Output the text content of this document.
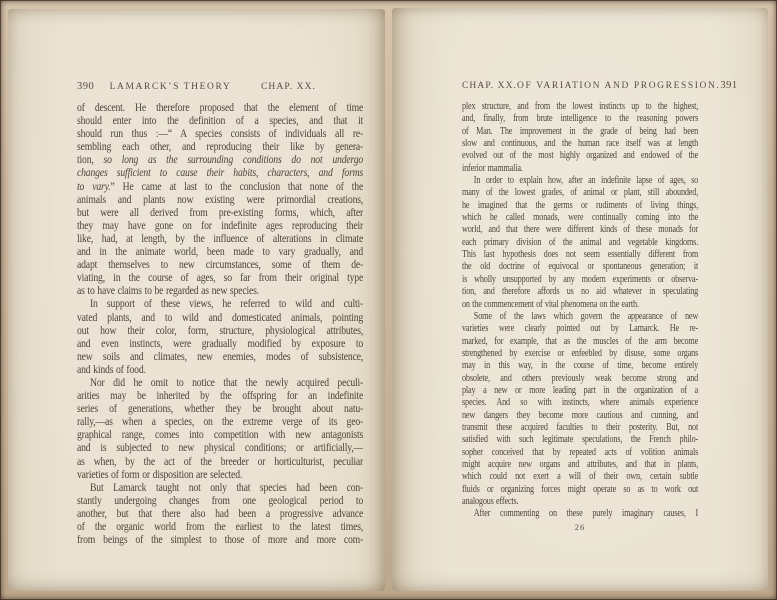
390	LAMARCK’S THEORY	CHAP. XX.
of descent. He therefore proposed that the element of time
should enter into the definition of a species, and that it
should run thus :—“ A species consists of individuals all re-
sembling each other, and reproducing their like by genera-
tion, so long as the surrounding conditions do not undergo
changes sufficient to cause their habits, characters, and forms
to vary.” He came at last to the conclusion that none of the
animals and plants now existing were primordial creations,
but were all derived from pre-existing forms, which, after
they may have gone on for indefinite ages reproducing their
like, had, at length, by the influence of alterations in climate
and in the animate world, been made to vary gradually, and
adapt themselves to new circumstances, some of them de-
viating, in the course of ages, so far from their original type
as to have claims to be regarded as new species.
In support of these views, he referred to wild and culti-
vated plants, and to wild and domesticated animals, pointing
out how their color, form, structure, physiological attributes,
and even instincts, were gradually modified by exposure to
new soils and climates, new enemies, modes of subsistence,
and kinds of food.
Nor did he omit to notice that the newly acquired peculi-
arities may be inherited by the offspring for an indefinite
series of generations, whether they be brought about natu-
rally,—as when a species, on the extreme verge of its geo-
graphical range, comes into competition with new antagonists
and is subjected to new physical conditions; or artificially,—
as when, by the act of the breeder or horticulturist, peculiar
varieties of form or disposition are selected.
But Lamarck taught not only that species had been con-
stantly undergoing changes from one geological period to
another, but that there also had been a progressive advance
of the organic world from the earliest to the latest times,
from beings of the simplest to those of more and more com-
CHAP. XX. OF VARIATION AND PROGRESSION. 391
plex structure, and from the lowest instincts up to the highest,
and, finally, from brute intelligence to the reasoning powers
of Man. The improvement in the grade of being had been
slow and continuous, and the human race itself was at length
evolved out of the most highly organized and endowed of the
inferior mammalia.
In order to explain how, after an indefinite lapse of ages, so
many of the lowest grades, of animal or plant, still abounded,
he imagined that the germs or rudiments of living things,
which he called monads, were continually coming into the
world, and that there were different kinds of these monads for
each primary division of the animal and vegetable kingdoms.
This last hypothesis does not seem essentially different from
the old doctrine of equivocal or spontaneous generation; it
is wholly unsupported by any modern experiments or observa-
tion, and therefore affords us no aid whatever in speculating
on the commencement of vital phenomena on the earth.
Some of the laws which govern the appearance of new
varieties were clearly pointed out by Lamarck. He re-
marked, for example, that as the muscles of the arm become
strengthened by exercise or enfeebled by disuse, some organs
may in this way, in the course of time, become entirely
obsolete, and others previously weak become strong and
play a new or more leading part in the organization of a
species. And so with instincts, where animals experience
new dangers they become more cautious and cunning, and
transmit these acquired faculties to their posterity. But, not
satisfied with such legitimate speculations, the French philo-
sopher conceived that by repeated acts of volition animals
might acquire new organs and attributes, and that in plants,
which could not exert a will of their own, certain subtle
fluids or organizing forces might operate so as to work out
analogous effects.
After commenting on these purely imaginary causes, I
26
